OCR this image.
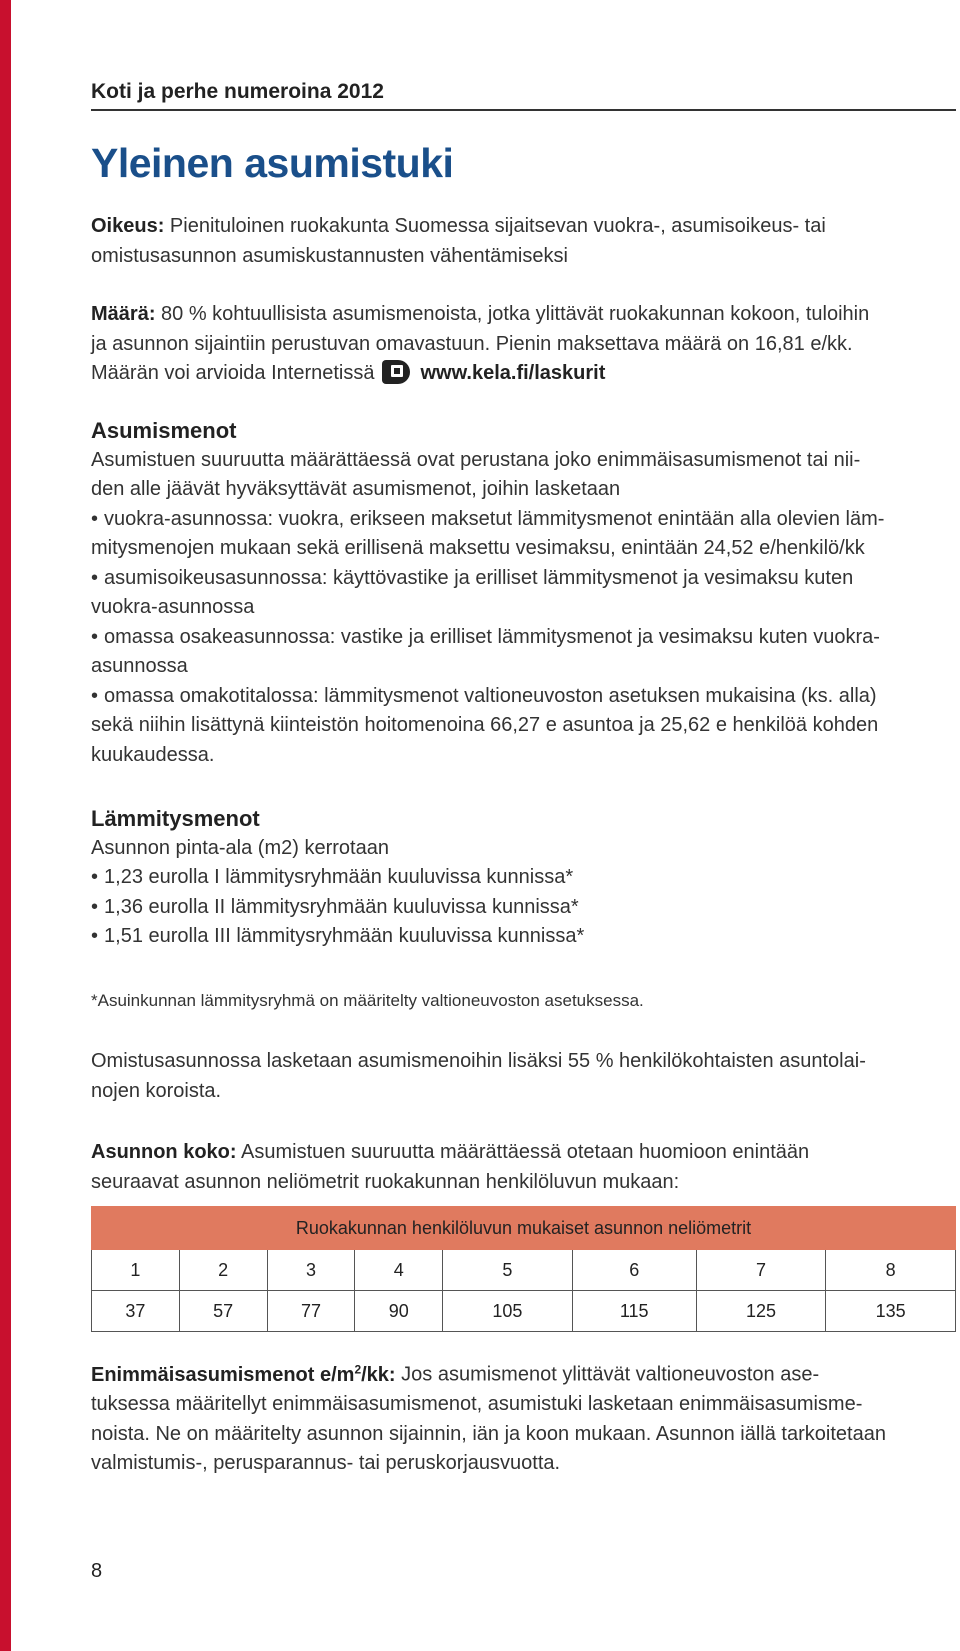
Koti ja perhe numeroina 2012
Yleinen asumistuki

Oikeus: Pienituloinen ruokakunta Suomessa sijaitsevan vuokra-, asumisoikeus- tai

omistusasunnon asumiskustannusten vähentämiseksi

Määrä: 80 % kohtuullisista asumismenoista, jotka ylittävät ruokakunnan kokoon, tuloihin

ja asunnon sijaintiin perustuvan omavastuun. Pienin maksettava määrä on 16,81 e/kk.

Määrän voi arvioida Internetissä www.kela.fi/laskurit

Asumismenot

Asumistuen suuruutta määrättäessä ovat perustana joko enimmäisasumismenot tai nii-

den alle jäävät hyväksyttävät asumismenot, joihin lasketaan

• vuokra-asunnossa: vuokra, erikseen maksetut lämmitysmenot enintään alla olevien läm-

mitysmenojen mukaan sekä erillisenä maksettu vesimaksu, enintään 24,52 e/henkilö/kk

• asumisoikeusasunnossa: käyttövastike ja erilliset lämmitysmenot ja vesimaksu kuten

vuokra-asunnossa

• omassa osakeasunnossa: vastike ja erilliset lämmitysmenot ja vesimaksu kuten vuokra-

asunnossa

• omassa omakotitalossa: lämmitysmenot valtioneuvoston asetuksen mukaisina (ks. alla)

sekä niihin lisättynä kiinteistön hoitomenoina 66,27 e asuntoa ja 25,62 e henkilöä kohden

kuukaudessa.

Lämmitysmenot

Asunnon pinta-ala (m2) kerrotaan

• 1,23 eurolla I lämmitysryhmään kuuluvissa kunnissa*

• 1,36 eurolla II lämmitysryhmään kuuluvissa kunnissa*

• 1,51 eurolla III lämmitysryhmään kuuluvissa kunnissa*

*Asuinkunnan lämmitysryhmä on määritelty valtioneuvoston asetuksessa.

Omistusasunnossa lasketaan asumismenoihin lisäksi 55 % henkilökohtaisten asuntolai-

nojen koroista.

Asunnon koko: Asumistuen suuruutta määrättäessä otetaan huomioon enintään

seuraavat asunnon neliömetrit ruokakunnan henkilöluvun mukaan:

Ruokakunnan henkilöluvun mukaiset asunnon neliömetrit							
1	2	3	4	5	6	7	8
37	57	77	90	105	115	125	135

Enimmäisasumismenot $e/m^2/kk$: Jos asumismenot ylittävät valtioneuvoston ase-

tuksessa määritellyt enimmäisasumismenot, asumistuki lasketaan enimmäisasumisme-

noista. Ne on määritelty asunnon sijainnin, iän ja koon mukaan. Asunnon iällä tarkoitetaan

valmistumis-, perusparannus- tai peruskorjausvuotta.

8
